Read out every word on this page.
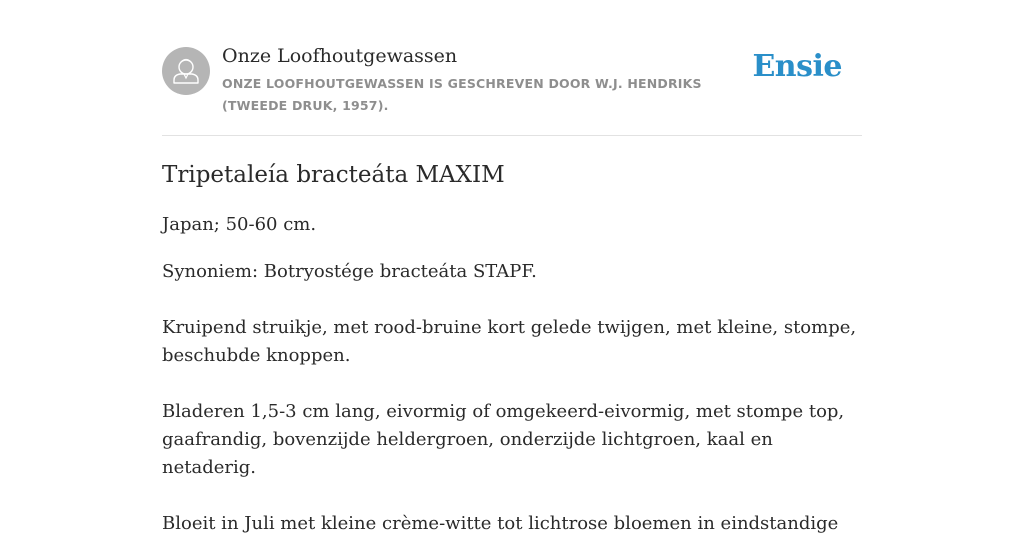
Onze Loofhoutgewassen
ONZE LOOFHOUTGEWASSEN IS GESCHREVEN DOOR W.J. HENDRIKS (TWEEDE DRUK, 1957).
Ensie
Tripetaleía bracteáta MAXIM

Japan; 50-60 cm.

Synoniem: Botryostége bracteáta STAPF.

Kruipend struikje, met rood-bruine kort gelede twijgen, met kleine, stompe, beschubde knoppen.

Bladeren 1,5-3 cm lang, eivormig of omgekeerd-eivormig, met stompe top, gaafrandig, bovenzijde heldergroen, onderzijde lichtgroen, kaal en netaderig.

Bloeit in Juli met kleine crème-witte tot lichtrose bloemen in eindstandige
